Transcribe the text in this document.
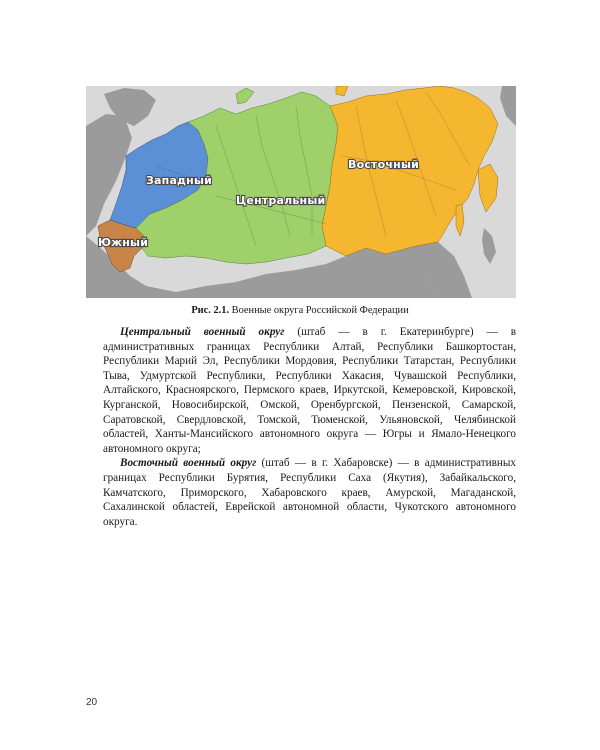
Западный
Южный
Центральный
Восточный
Рис. 2.1. Военные округа Российской Федерации

Центральный военный округ (штаб — в г. Екатеринбурге) — в административных границах Республики Алтай, Республики Башкортостан, Республики Марий Эл, Республики Мордовия, Республики Татарстан, Республики Тыва, Удмуртской Республики, Республики Хакасия, Чувашской Республики, Алтайского, Красноярского, Пермского краев, Иркутской, Кемеровской, Кировской, Курганской, Новосибирской, Омской, Оренбургской, Пензенской, Самарской, Саратовской, Свердловской, Томской, Тюменской, Ульяновской, Челябинской областей, Ханты-Мансийского автономного округа — Югры и Ямало-Ненецкого автономного округа;

Восточный военный округ (штаб — в г. Хабаровске) — в административных границах Республики Бурятия, Республики Саха (Якутия), Забайкальского, Камчатского, Приморского, Хабаровского краев, Амурской, Магаданской, Сахалинской областей, Еврейской автономной области, Чукотского автономного округа.

20
